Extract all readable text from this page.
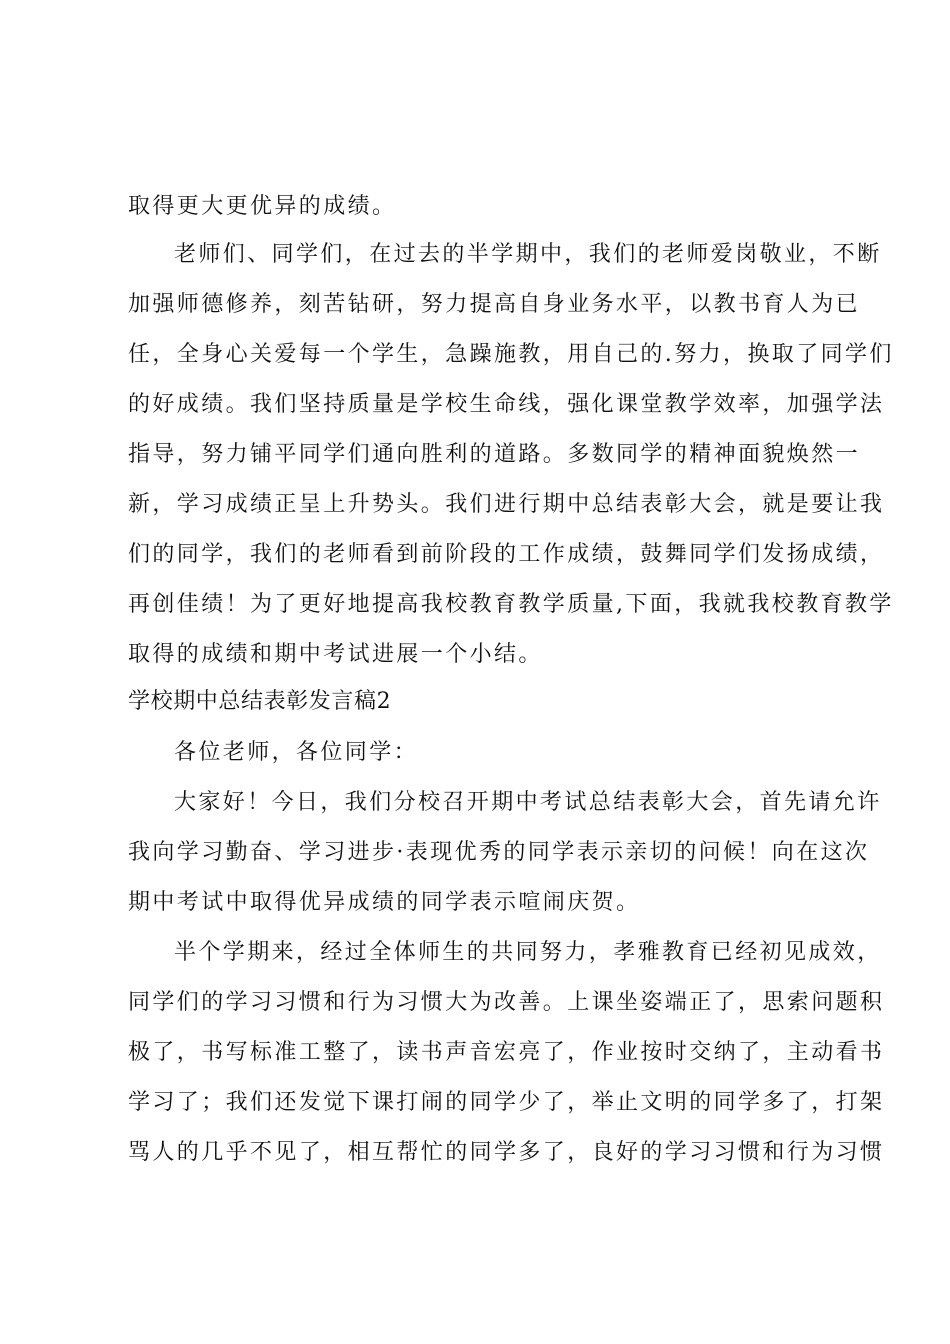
取得更大更优异的成绩。
老师们、同学们，在过去的半学期中，我们的老师爱岗敬业，不断
加强师德修养，刻苦钻研，努力提高自身业务水平，以教书育人为已
任，全身心关爱每一个学生，急躁施教，用自己的.努力，换取了同学们
的好成绩。我们坚持质量是学校生命线，强化课堂教学效率，加强学法
指导，努力铺平同学们通向胜利的道路。多数同学的精神面貌焕然一
新，学习成绩正呈上升势头。我们进行期中总结表彰大会，就是要让我
们的同学，我们的老师看到前阶段的工作成绩，鼓舞同学们发扬成绩，
再创佳绩！为了更好地提高我校教育教学质量,下面，我就我校教育教学
取得的成绩和期中考试进展一个小结。
学校期中总结表彰发言稿2
各位老师，各位同学：
大家好！今日，我们分校召开期中考试总结表彰大会，首先请允许
我向学习勤奋、学习进步·表现优秀的同学表示亲切的问候！向在这次
期中考试中取得优异成绩的同学表示喧闹庆贺。
半个学期来，经过全体师生的共同努力，孝雅教育已经初见成效，
同学们的学习习惯和行为习惯大为改善。上课坐姿端正了，思索问题积
极了，书写标准工整了，读书声音宏亮了，作业按时交纳了，主动看书
学习了；我们还发觉下课打闹的同学少了，举止文明的同学多了，打架
骂人的几乎不见了，相互帮忙的同学多了，良好的学习习惯和行为习惯
